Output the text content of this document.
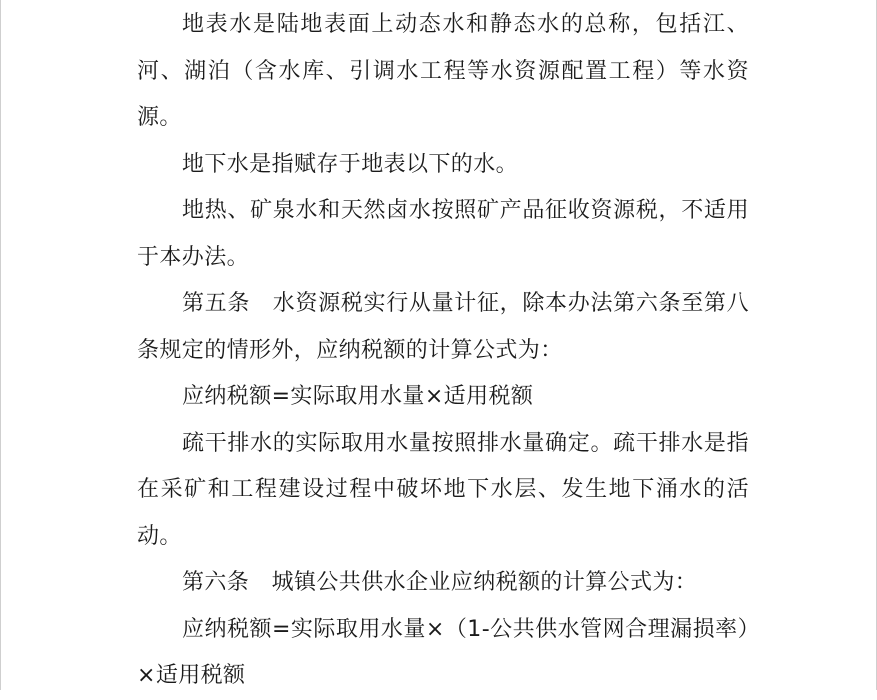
地表水是陆地表面上动态水和静态水的总称，包括江、河、湖泊（含水库、引调水工程等水资源配置工程）等水资源。

地下水是指赋存于地表以下的水。

地热、矿泉水和天然卤水按照矿产品征收资源税，不适用于本办法。

第五条　水资源税实行从量计征，除本办法第六条至第八条规定的情形外，应纳税额的计算公式为：

应纳税额=实际取用水量×适用税额

疏干排水的实际取用水量按照排水量确定。疏干排水是指在采矿和工程建设过程中破坏地下水层、发生地下涌水的活动。

第六条　城镇公共供水企业应纳税额的计算公式为：

应纳税额=实际取用水量×（1-公共供水管网合理漏损率）×适用税额
